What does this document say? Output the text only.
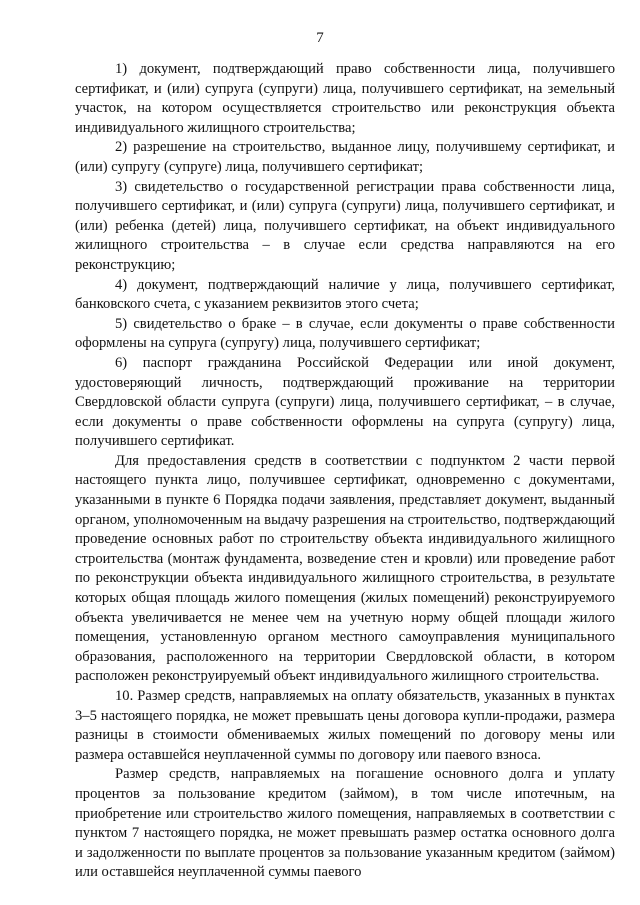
7

1) документ, подтверждающий право собственности лица, получившего сертификат, и (или) супруга (супруги) лица, получившего сертификат, на земельный участок, на котором осуществляется строительство или реконструкция объекта индивидуального жилищного строительства;

2) разрешение на строительство, выданное лицу, получившему сертификат, и (или) супругу (супруге) лица, получившего сертификат;

3) свидетельство о государственной регистрации права собственности лица, получившего сертификат, и (или) супруга (супруги) лица, получившего сертификат, и (или) ребенка (детей) лица, получившего сертификат, на объект индивидуального жилищного строительства – в случае если средства направляются на его реконструкцию;

4) документ, подтверждающий наличие у лица, получившего сертификат, банковского счета, с указанием реквизитов этого счета;

5) свидетельство о браке – в случае, если документы о праве собственности оформлены на супруга (супругу) лица, получившего сертификат;

6) паспорт гражданина Российской Федерации или иной документ, удостоверяющий личность, подтверждающий проживание на территории Свердловской области супруга (супруги) лица, получившего сертификат, – в случае, если документы о праве собственности оформлены на супруга (супругу) лица, получившего сертификат.

Для предоставления средств в соответствии с подпунктом 2 части первой настоящего пункта лицо, получившее сертификат, одновременно с документами, указанными в пункте 6 Порядка подачи заявления, представляет документ, выданный органом, уполномоченным на выдачу разрешения на строительство, подтверждающий проведение основных работ по строительству объекта индивидуального жилищного строительства (монтаж фундамента, возведение стен и кровли) или проведение работ по реконструкции объекта индивидуального жилищного строительства, в результате которых общая площадь жилого помещения (жилых помещений) реконструируемого объекта увеличивается не менее чем на учетную норму общей площади жилого помещения, установленную органом местного самоуправления муниципального образования, расположенного на территории Свердловской области, в котором расположен реконструируемый объект индивидуального жилищного строительства.

10. Размер средств, направляемых на оплату обязательств, указанных в пунктах 3–5 настоящего порядка, не может превышать цены договора купли-продажи, размера разницы в стоимости обмениваемых жилых помещений по договору мены или размера оставшейся неуплаченной суммы по договору или паевого взноса.

Размер средств, направляемых на погашение основного долга и уплату процентов за пользование кредитом (займом), в том числе ипотечным, на приобретение или строительство жилого помещения, направляемых в соответствии с пунктом 7 настоящего порядка, не может превышать размер остатка основного долга и задолженности по выплате процентов за пользование указанным кредитом (займом) или оставшейся неуплаченной суммы паевого
